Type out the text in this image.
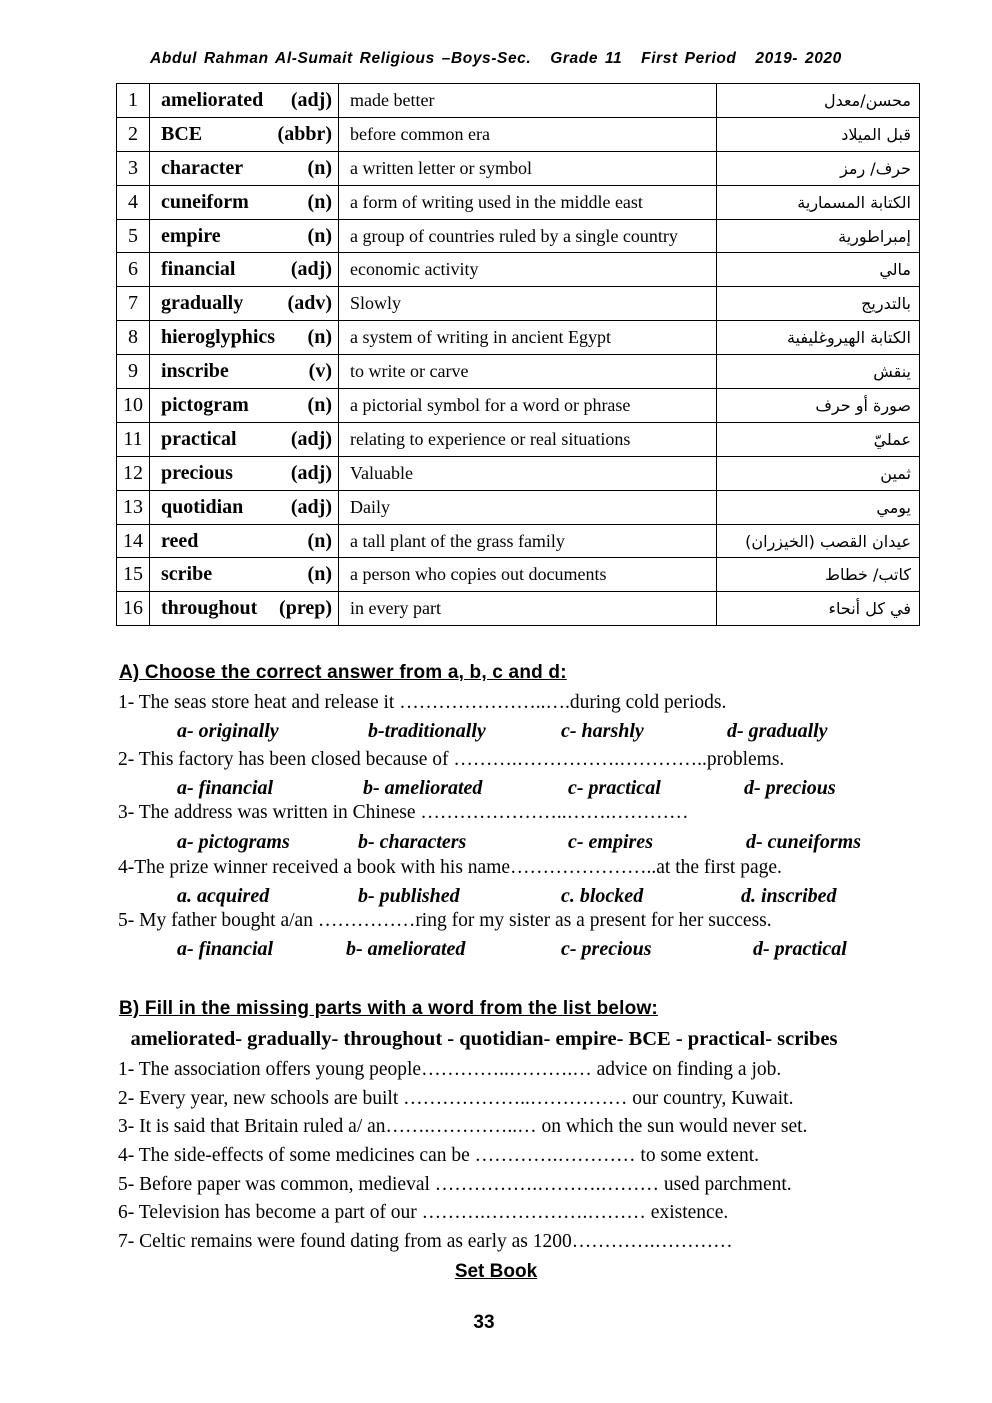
Abdul Rahman Al-Sumait Religious –Boys-Sec. Grade 11 First Period 2019- 2020
1	ameliorated (adj)	made better	محسن/معدل
2	BCE (abbr)	before common era	قبل الميلاد
3	character (n)	a written letter or symbol	حرف/ رمز
4	cuneiform (n)	a form of writing used in the middle east	الكتابة المسمارية
5	empire (n)	a group of countries ruled by a single country	إمبراطورية
6	financial (adj)	economic activity	مالي
7	gradually (adv)	Slowly	بالتدريج
8	hieroglyphics (n)	a system of writing in ancient Egypt	الكتابة الهيروغليفية
9	inscribe (v)	to write or carve	ينقش
10	pictogram (n)	a pictorial symbol for a word or phrase	صورة أو حرف
11	practical (adj)	relating to experience or real situations	عمليّ
12	precious (adj)	Valuable	ثمين
13	quotidian (adj)	Daily	يومي
14	reed (n)	a tall plant of the grass family	عيدان القصب (الخيزران)
15	scribe (n)	a person who copies out documents	كاتب/ خطاط
16	throughout (prep)	in every part	في كل أنحاء
A) Choose the correct answer from a, b, c and d:
1- The seas store heat and release it …………………..….during cold periods.
a- originally	b-traditionally	c- harshly	d- gradually
2- This factory has been closed because of ……….…………….…………..problems.
a- financial	b- ameliorated	c- practical	d- precious
3- The address was written in Chinese …………………..…….…………
a- pictograms	b- characters	c- empires	d- cuneiforms
4-The prize winner received a book with his name…………………..at the first page.
a. acquired	b- published	c. blocked	d. inscribed
5- My father bought a/an ……………ring for my sister as a present for her success.
a- financial	b- ameliorated	c- precious	d- practical
B) Fill in the missing parts with a word from the list below:
ameliorated- gradually- throughout - quotidian- empire- BCE - practical- scribes
1- The association offers young people…………..……….… advice on finding a job.
2- Every year, new schools are built ………………..…………… our country, Kuwait.
3- It is said that Britain ruled a/ an…….…………..… on which the sun would never set.
4- The side-effects of some medicines can be ………….………… to some extent.
5- Before paper was common, medieval …………….……….……… used parchment.
6- Television has become a part of our ……….…………….……… existence.
7- Celtic remains were found dating from as early as 1200………….…………
Set Book
33
